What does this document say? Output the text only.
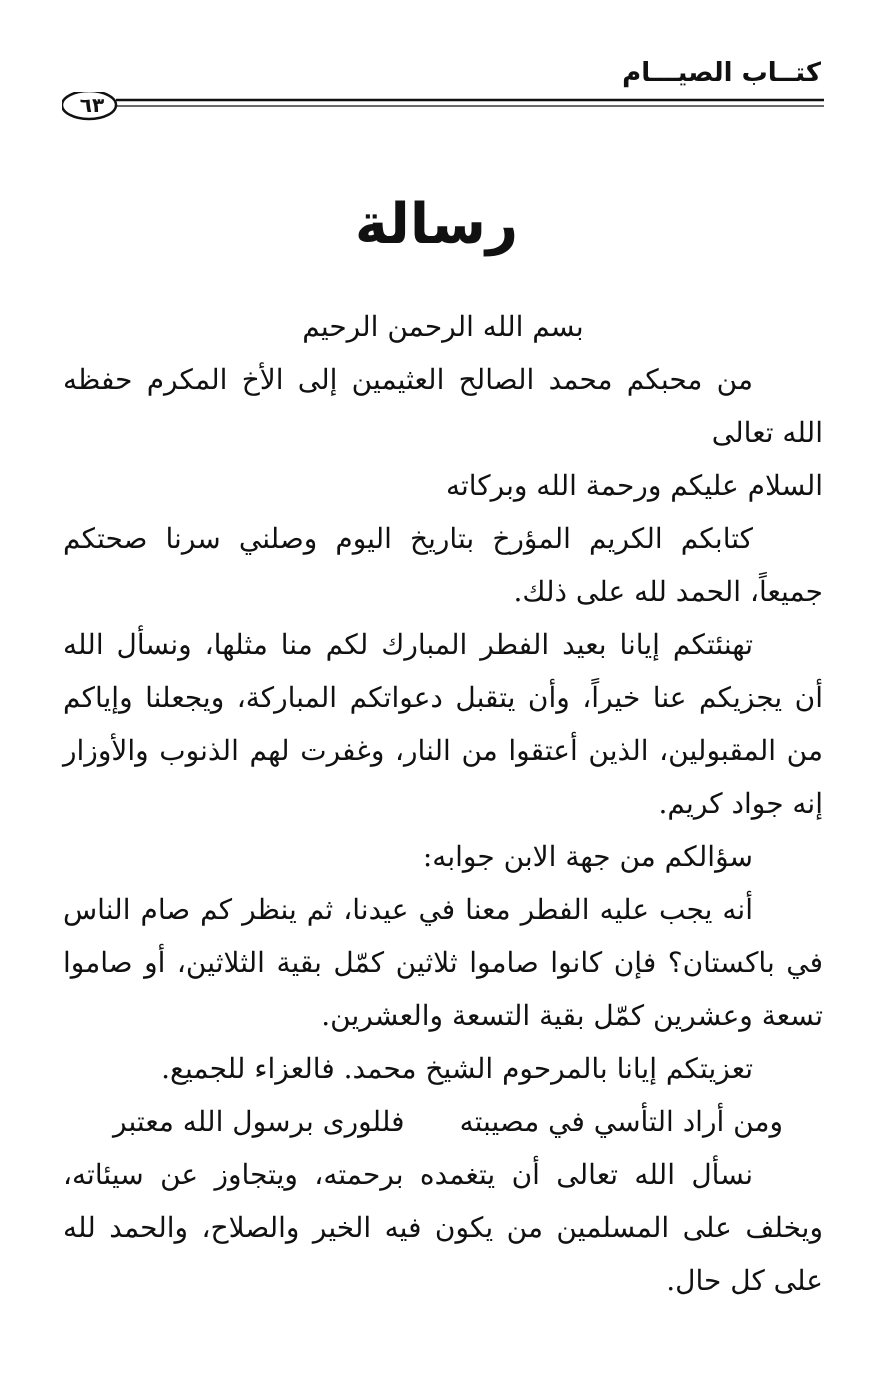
كتــاب الصيـــام
٦٣
رسالة

بسم الله الرحمن الرحيم

من محبكم محمد الصالح العثيمين إلى الأخ المكرم حفظه الله تعالى

السلام عليكم ورحمة الله وبركاته

كتابكم الكريم المؤرخ بتاريخ اليوم وصلني سرنا صحتكم جميعاً، الحمد لله على ذلك.

تهنئتكم إيانا بعيد الفطر المبارك لكم منا مثلها، ونسأل الله أن يجزيكم عنا خيراً، وأن يتقبل دعواتكم المباركة، ويجعلنا وإياكم من المقبولين، الذين أعتقوا من النار، وغفرت لهم الذنوب والأوزار إنه جواد كريم.

سؤالكم من جهة الابن جوابه:

أنه يجب عليه الفطر معنا في عيدنا، ثم ينظر كم صام الناس في باكستان؟ فإن كانوا صاموا ثلاثين كمّل بقية الثلاثين، أو صاموا تسعة وعشرين كمّل بقية التسعة والعشرين.

تعزيتكم إيانا بالمرحوم الشيخ محمد. فالعزاء للجميع.

ومن أراد التأسي في مصيبته
فللورى برسول الله معتبر

نسأل الله تعالى أن يتغمده برحمته، ويتجاوز عن سيئاته، ويخلف على المسلمين من يكون فيه الخير والصلاح، والحمد لله على كل حال.
